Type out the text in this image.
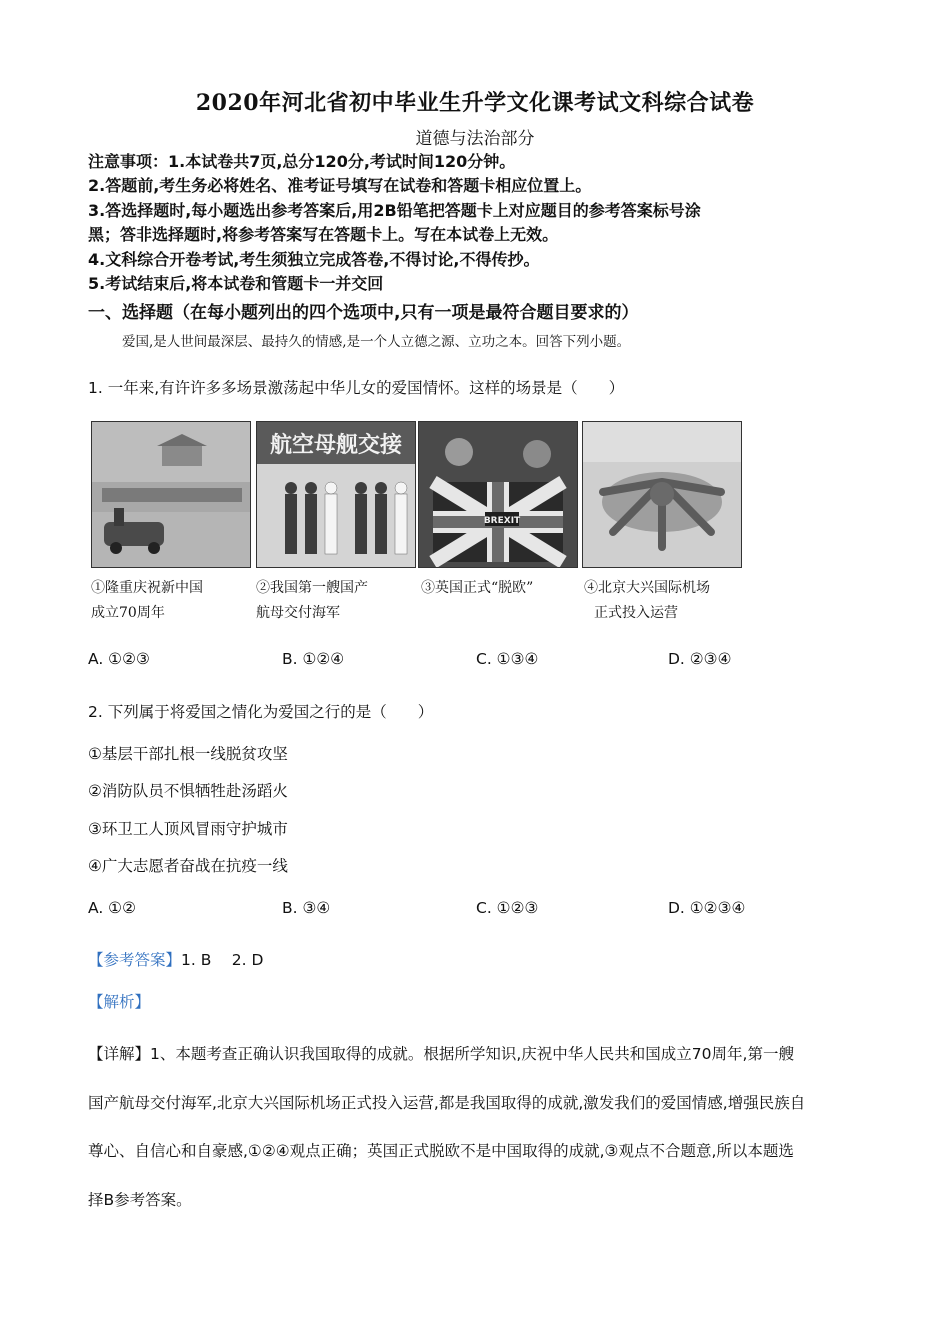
2020年河北省初中毕业生升学文化课考试文科综合试卷
道德与法治部分
注意事项：1.本试卷共7页,总分120分,考试时间120分钟。
2.答题前,考生务必将姓名、准考证号填写在试卷和答题卡相应位置上。
3.答选择题时,每小题选出参考答案后,用2B铅笔把答题卡上对应题目的参考答案标号涂
黑；答非选择题时,将参考答案写在答题卡上。写在本试卷上无效。
4.文科综合开卷考试,考生须独立完成答卷,不得讨论,不得传抄。
5.考试结束后,将本试卷和管题卡一并交回
一、选择题（在每小题列出的四个选项中,只有一项是最符合题目要求的）
爱国,是人世间最深层、最持久的情感,是一个人立德之源、立功之本。回答下列小题。
1. 一年来,有许许多多场景激荡起中华儿女的爱国情怀。这样的场景是（　　）
航空母舰交接
BREXIT
①隆重庆祝新中国
成立70周年
②我国第一艘国产
航母交付海军
③英国正式“脱欧”	④北京大兴国际机场
正式投入运营
A. ①②③	B. ①②④	C. ①③④	D. ②③④
2. 下列属于将爱国之情化为爱国之行的是（　　）
①基层干部扎根一线脱贫攻坚
②消防队员不惧牺牲赴汤蹈火
③环卫工人顶风冒雨守护城市
④广大志愿者奋战在抗疫一线
A. ①②	B. ③④	C. ①②③	D. ①②③④
【参考答案】1. B　 2. D
【解析】
【详解】1、本题考查正确认识我国取得的成就。根据所学知识,庆祝中华人民共和国成立70周年,第一艘
国产航母交付海军,北京大兴国际机场正式投入运营,都是我国取得的成就,激发我们的爱国情感,增强民族自
尊心、自信心和自豪感,①②④观点正确；英国正式脱欧不是中国取得的成就,③观点不合题意,所以本题选
择B参考答案。
